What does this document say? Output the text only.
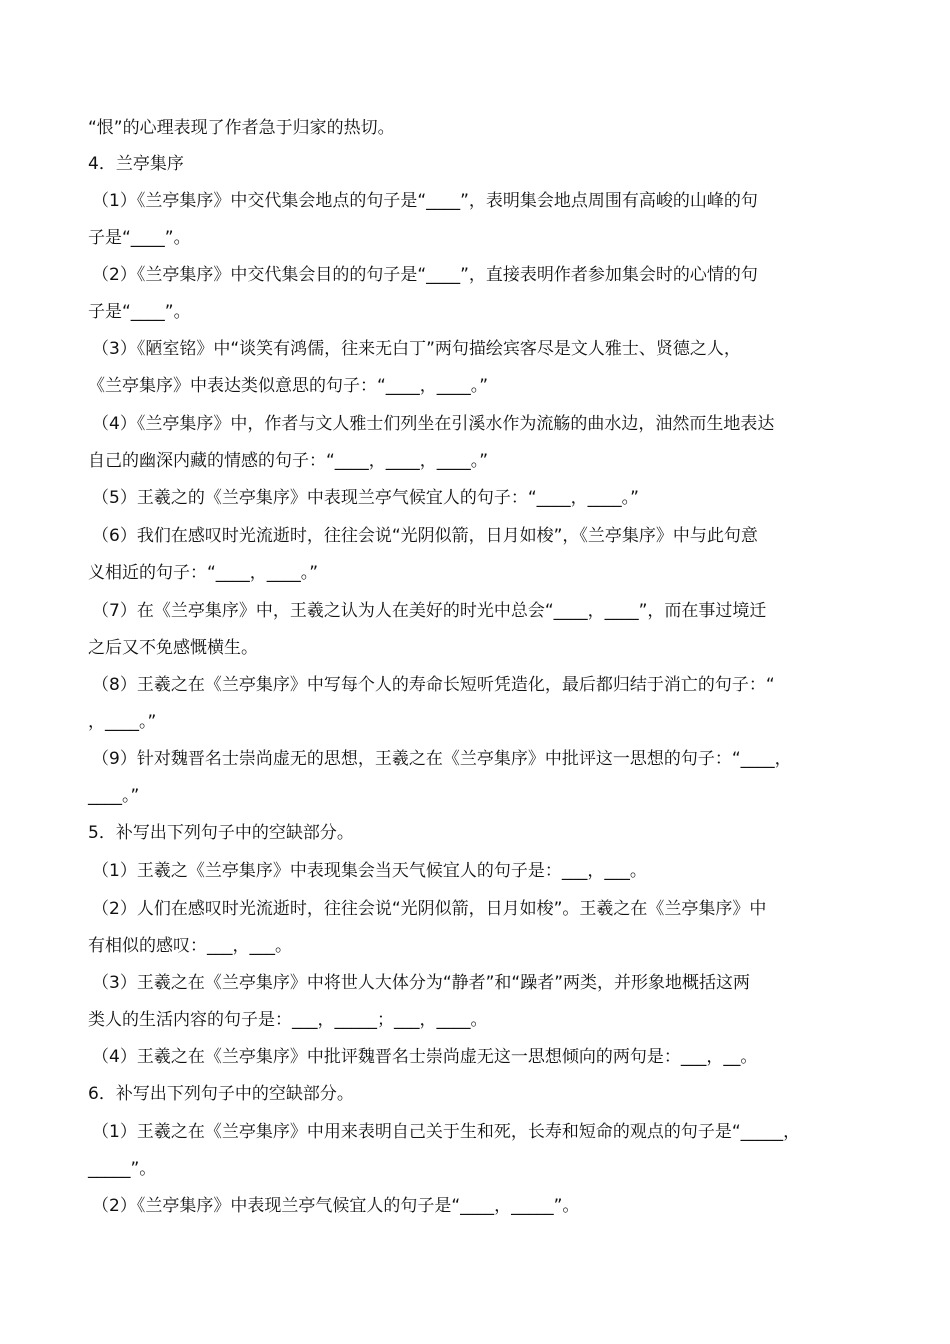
“恨”的心理表现了作者急于归家的热切。
4．兰亭集序
（1）《兰亭集序》中交代集会地点的句子是“____”，表明集会地点周围有高峻的山峰的句
子是“____”。
（2）《兰亭集序》中交代集会目的的句子是“____”，直接表明作者参加集会时的心情的句
子是“____”。
（3）《陋室铭》中“谈笑有鸿儒，往来无白丁”两句描绘宾客尽是文人雅士、贤德之人，
《兰亭集序》中表达类似意思的句子：“____，____。”
（4）《兰亭集序》中，作者与文人雅士们列坐在引溪水作为流觞的曲水边，油然而生地表达
自己的幽深内藏的情感的句子：“____，____，____。”
（5）王羲之的《兰亭集序》中表现兰亭气候宜人的句子：“____，____。”
（6）我们在感叹时光流逝时，往往会说“光阴似箭，日月如梭”，《兰亭集序》中与此句意
义相近的句子：“____，____。”
（7）在《兰亭集序》中，王羲之认为人在美好的时光中总会“____，____”，而在事过境迁
之后又不免感慨横生。
（8）王羲之在《兰亭集序》中写每个人的寿命长短听凭造化，最后都归结于消亡的句子：“
，____。”
（9）针对魏晋名士崇尚虚无的思想，王羲之在《兰亭集序》中批评这一思想的句子：“____，
____。”
5．补写出下列句子中的空缺部分。
（1）王羲之《兰亭集序》中表现集会当天气候宜人的句子是：___，___。
（2）人们在感叹时光流逝时，往往会说“光阴似箭，日月如梭”。王羲之在《兰亭集序》中
有相似的感叹：___，___。
（3）王羲之在《兰亭集序》中将世人大体分为“静者”和“躁者”两类，并形象地概括这两
类人的生活内容的句子是：___，_____；___，____。
（4）王羲之在《兰亭集序》中批评魏晋名士崇尚虚无这一思想倾向的两句是：___，__。
6．补写出下列句子中的空缺部分。
（1）王羲之在《兰亭集序》中用来表明自己关于生和死，长寿和短命的观点的句子是“_____，
_____”。
（2）《兰亭集序》中表现兰亭气候宜人的句子是“____，_____”。
